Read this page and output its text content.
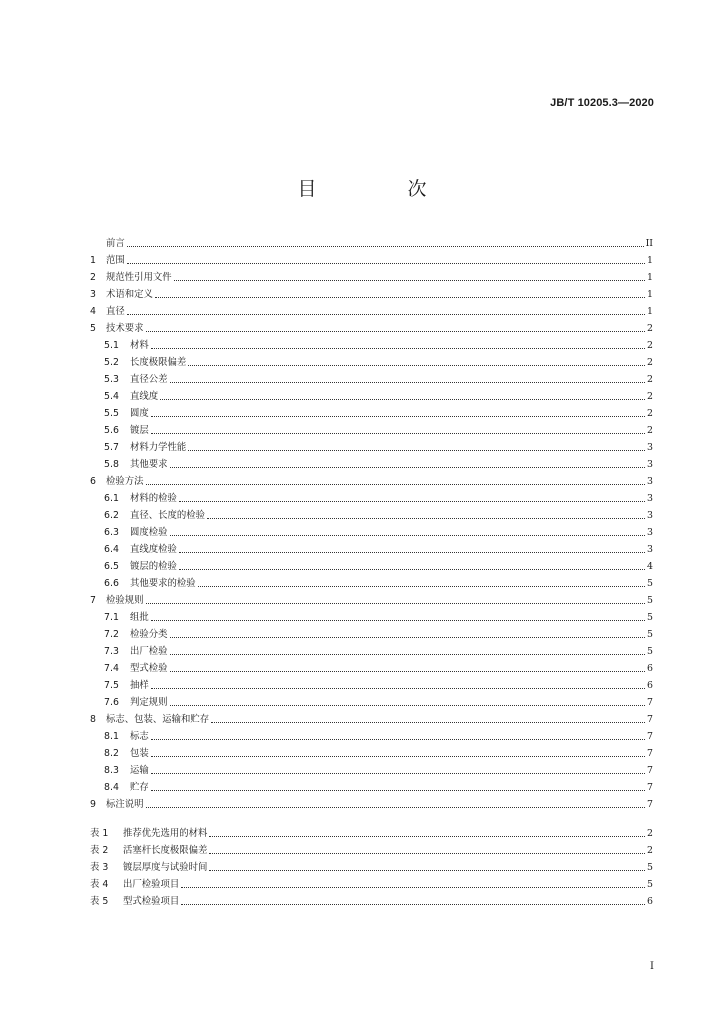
JB/T 10205.3—2020
目　次
前言	II
1	范围	1
2	规范性引用文件	1
3	术语和定义	1
4	直径	1
5	技术要求	2
5.1	材料	2
5.2	长度极限偏差	2
5.3	直径公差	2
5.4	直线度	2
5.5	圆度	2
5.6	镀层	2
5.7	材料力学性能	3
5.8	其他要求	3
6	检验方法	3
6.1	材料的检验	3
6.2	直径、长度的检验	3
6.3	圆度检验	3
6.4	直线度检验	3
6.5	镀层的检验	4
6.6	其他要求的检验	5
7	检验规则	5
7.1	组批	5
7.2	检验分类	5
7.3	出厂检验	5
7.4	型式检验	6
7.5	抽样	6
7.6	判定规则	7
8	标志、包装、运输和贮存	7
8.1	标志	7
8.2	包装	7
8.3	运输	7
8.4	贮存	7
9	标注说明	7
表 1	推荐优先选用的材料	2
表 2	活塞杆长度极限偏差	2
表 3	镀层厚度与试验时间	5
表 4	出厂检验项目	5
表 5	型式检验项目	6
I
